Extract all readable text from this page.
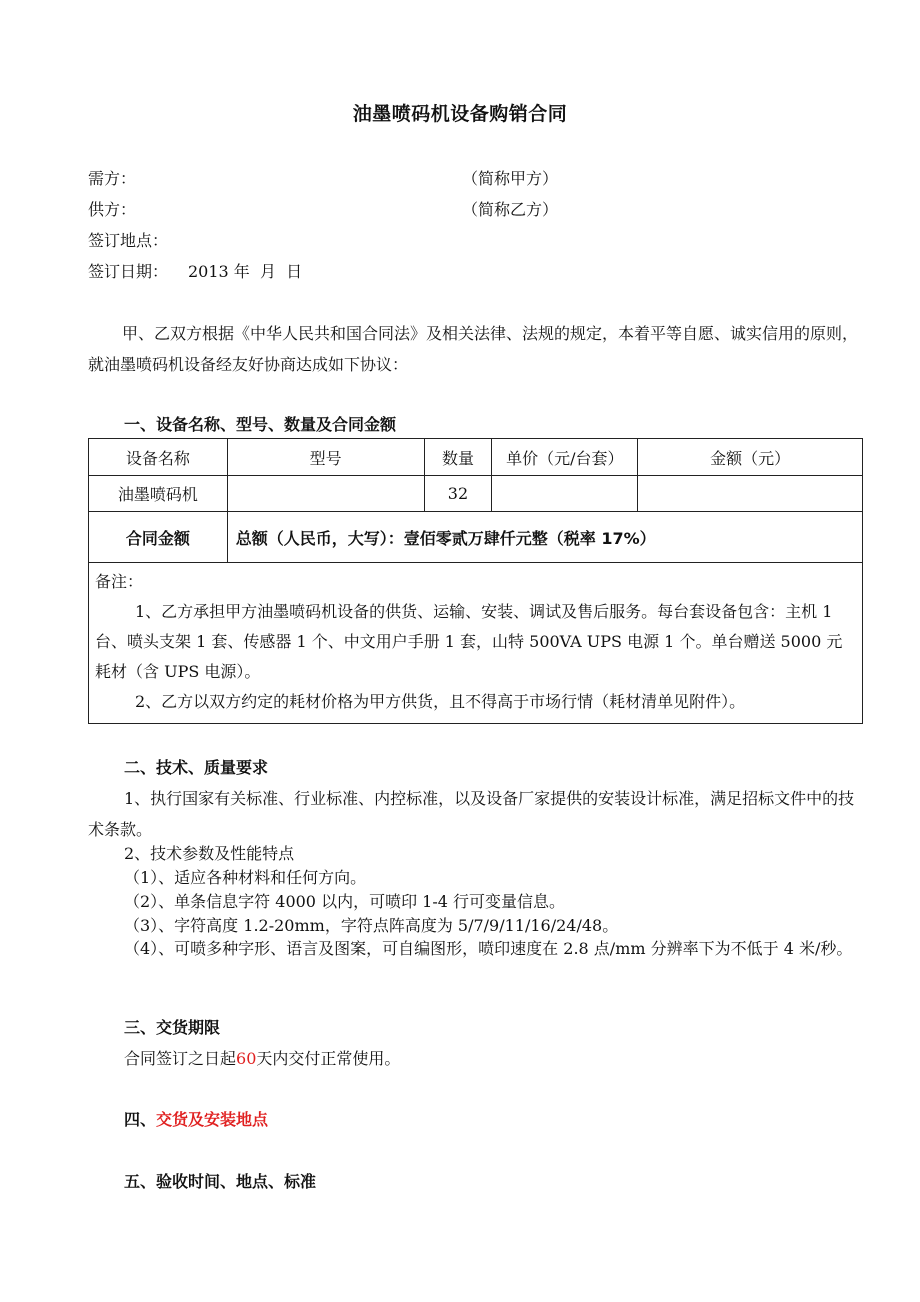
油墨喷码机设备购销合同
需方：	（简称甲方）
供方：	（简称乙方）
签订地点：
签订日期： 2013 年  月  日
甲、乙双方根据《中华人民共和国合同法》及相关法律、法规的规定，本着平等自愿、诚实信用的原则，就油墨喷码机设备经友好协商达成如下协议：
一、设备名称、型号、数量及合同金额
设备名称	型号	数量	单价（元/台套）	金额（元）
油墨喷码机		32		
合同金额	总额（人民币，大写）：壹佰零贰万肆仟元整（税率 17%）			

备注：
1、乙方承担甲方油墨喷码机设备的供货、运输、安装、调试及售后服务。每台套设备包含：主机 1 台、喷头支架 1 套、传感器 1 个、中文用户手册 1 套，山特 500VA UPS 电源 1 个。单台赠送 5000 元耗材（含 UPS 电源）。
2、乙方以双方约定的耗材价格为甲方供货，且不得高于市场行情（耗材清单见附件）。				
二、技术、质量要求
1、执行国家有关标准、行业标准、内控标准，以及设备厂家提供的安装设计标准，满足招标文件中的技术条款。
2、技术参数及性能特点
（1）、适应各种材料和任何方向。
（2）、单条信息字符 4000 以内，可喷印 1-4 行可变量信息。
（3）、字符高度 1.2-20mm，字符点阵高度为 5/7/9/11/16/24/48。
（4）、可喷多种字形、语言及图案，可自编图形，喷印速度在 2.8 点/mm 分辨率下为不低于 4 米/秒。
三、交货期限
合同签订之日起60天内交付正常使用。
四、交货及安装地点
五、验收时间、地点、标准
